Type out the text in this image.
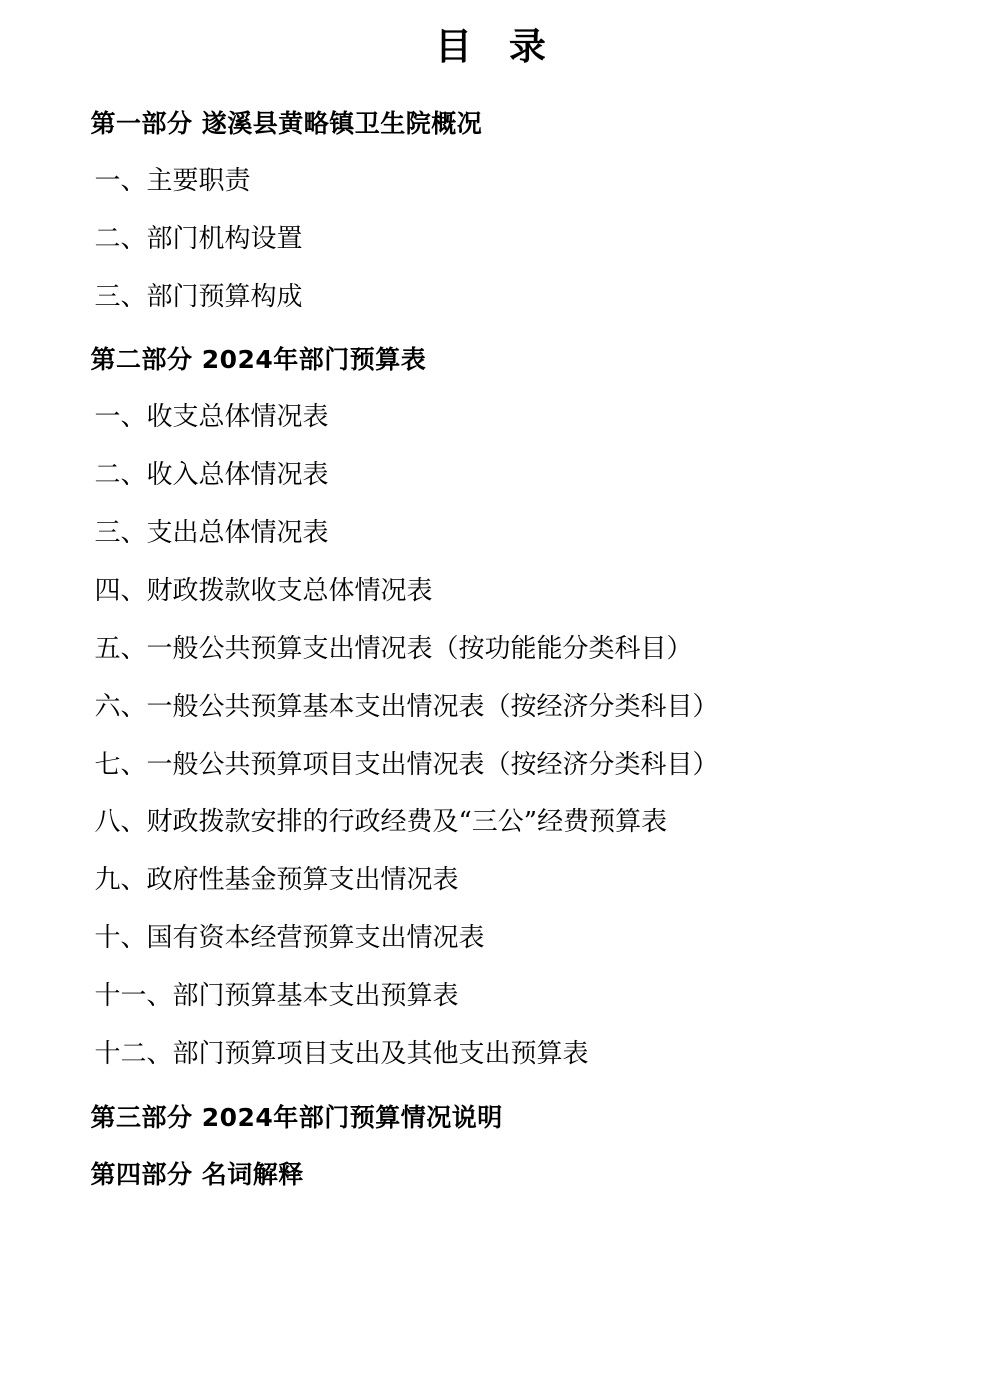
目 录
第一部分 遂溪县黄略镇卫生院概况
一、主要职责
二、部门机构设置
三、部门预算构成
第二部分 2024年部门预算表
一、收支总体情况表
二、收入总体情况表
三、支出总体情况表
四、财政拨款收支总体情况表
五、一般公共预算支出情况表（按功能能分类科目）
六、一般公共预算基本支出情况表（按经济分类科目）
七、一般公共预算项目支出情况表（按经济分类科目）
八、财政拨款安排的行政经费及“三公”经费预算表
九、政府性基金预算支出情况表
十、国有资本经营预算支出情况表
十一、部门预算基本支出预算表
十二、部门预算项目支出及其他支出预算表
第三部分 2024年部门预算情况说明
第四部分 名词解释
